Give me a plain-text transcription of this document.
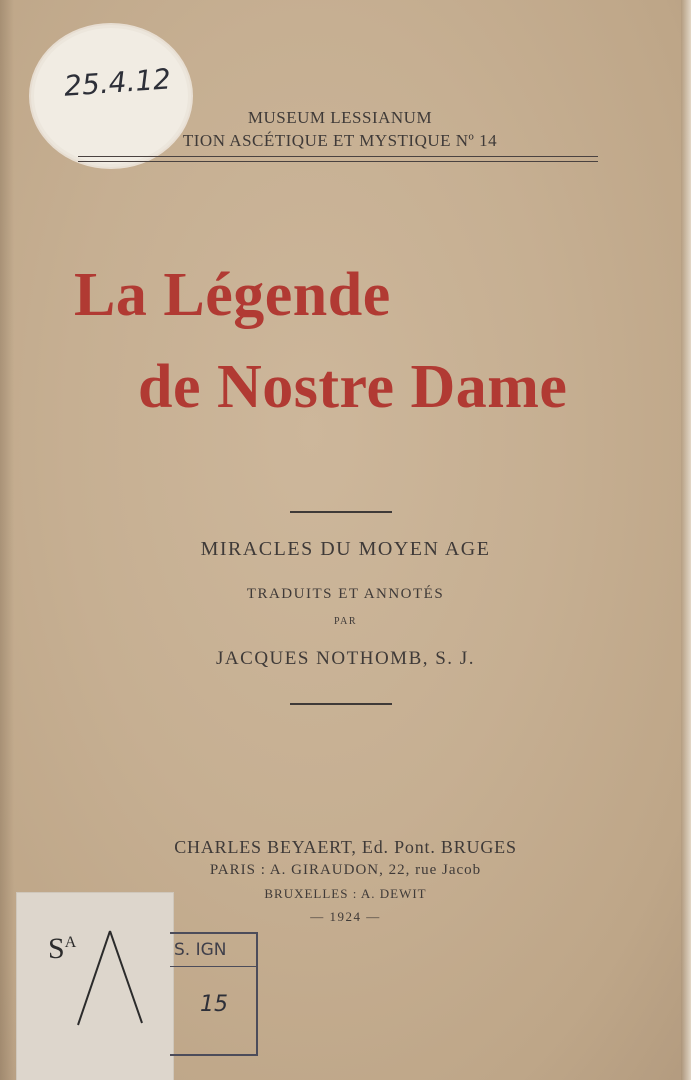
25.4.12
MUSEUM LESSIANUM
TION ASCÉTIQUE ET MYSTIQUE Nº 14
La Légende
de Nostre Dame
MIRACLES DU MOYEN AGE
TRADUITS ET ANNOTÉS
PAR
JACQUES NOTHOMB, S. J.
CHARLES BEYAERT, Ed. Pont. BRUGES
PARIS : A. GIRAUDON, 22, rue Jacob
BRUXELLES : A. DEWIT
— 1924 —
$S^A$	S. IGN
15
